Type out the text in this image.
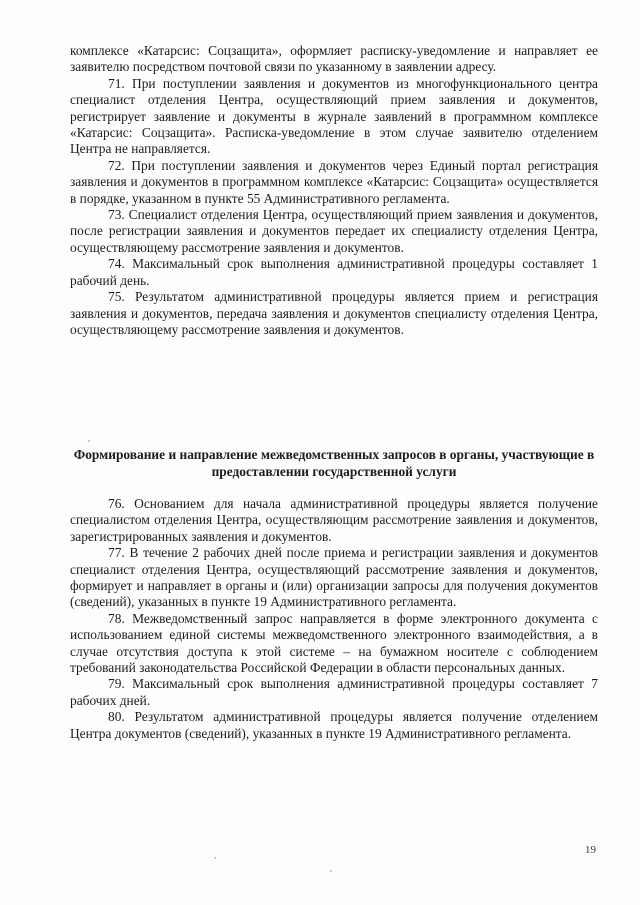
комплексе «Катарсис: Соцзащита», оформляет расписку-уведомление и направляет ее заявителю посредством почтовой связи по указанному в заявлении адресу.

71. При поступлении заявления и документов из многофункционального центра специалист отделения Центра, осуществляющий прием заявления и документов, регистрирует заявление и документы в журнале заявлений в программном комплексе «Катарсис: Соцзащита». Расписка-уведомление в этом случае заявителю отделением Центра не направляется.

72. При поступлении заявления и документов через Единый портал регистрация заявления и документов в программном комплексе «Катарсис: Соцзащита» осуществляется в порядке, указанном в пункте 55 Административного регламента.

73. Специалист отделения Центра, осуществляющий прием заявления и документов, после регистрации заявления и документов передает их специалисту отделения Центра, осуществляющему рассмотрение заявления и документов.

74. Максимальный срок выполнения административной процедуры составляет 1 рабочий день.

75. Результатом административной процедуры является прием и регистрация заявления и документов, передача заявления и документов специалисту отделения Центра, осуществляющему рассмотрение заявления и документов.

Формирование и направление межведомственных запросов в органы, участвующие в предоставлении государственной услуги

76. Основанием для начала административной процедуры является получение специалистом отделения Центра, осуществляющим рассмотрение заявления и документов, зарегистрированных заявления и документов.

77. В течение 2 рабочих дней после приема и регистрации заявления и документов специалист отделения Центра, осуществляющий рассмотрение заявления и документов, формирует и направляет в органы и (или) организации запросы для получения документов (сведений), указанных в пункте 19 Административного регламента.

78. Межведомственный запрос направляется в форме электронного документа с использованием единой системы межведомственного электронного взаимодействия, а в случае отсутствия доступа к этой системе – на бумажном носителе с соблюдением требований законодательства Российской Федерации в области персональных данных.

79. Максимальный срок выполнения административной процедуры составляет 7 рабочих дней.

80. Результатом административной процедуры является получение отделением Центра документов (сведений), указанных в пункте 19 Административного регламента.

19
